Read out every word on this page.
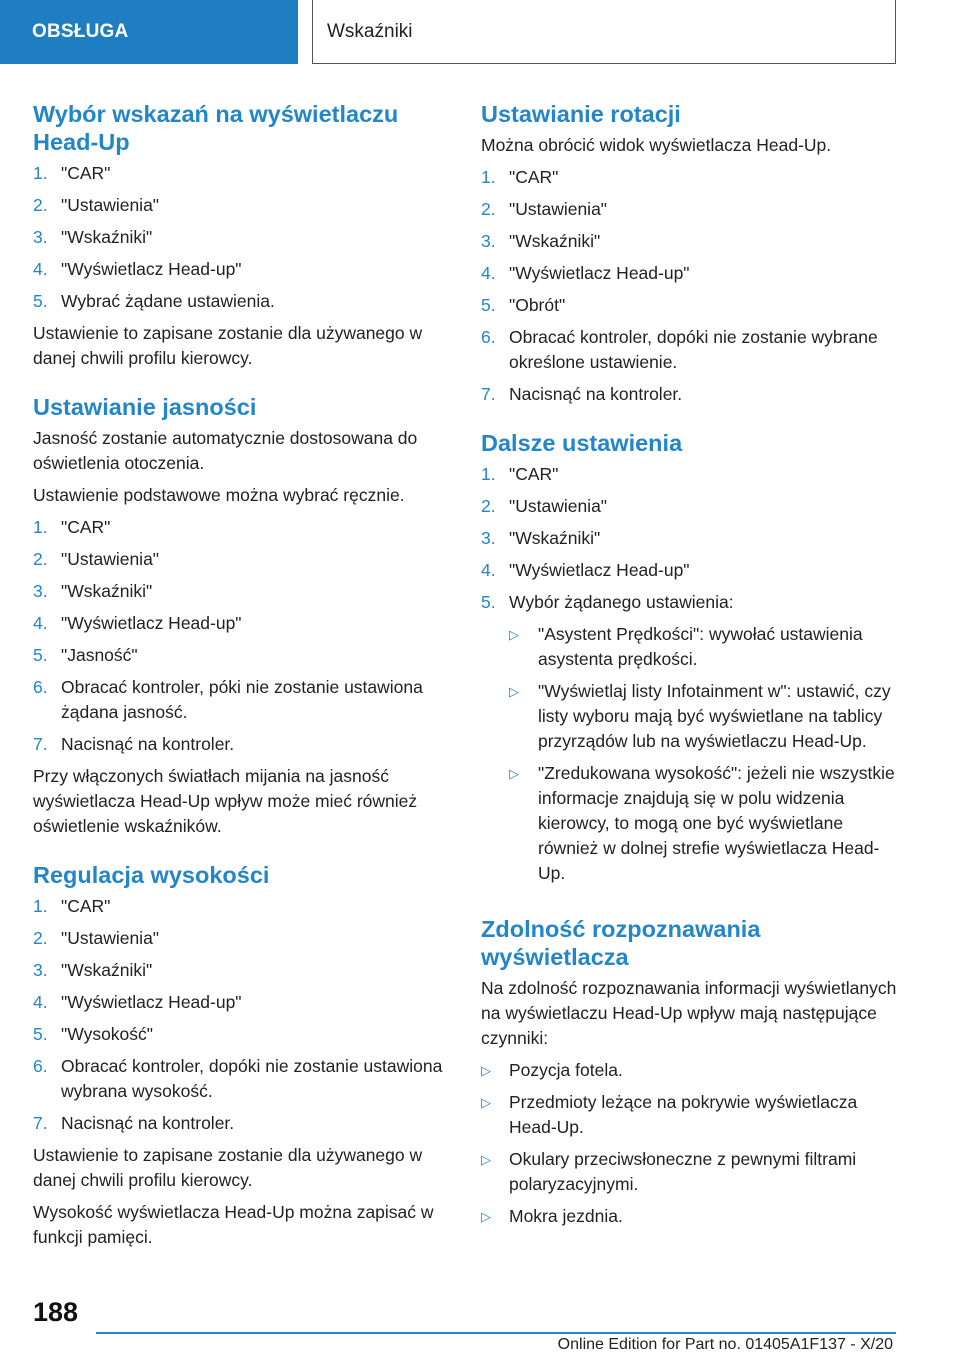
OBSŁUGA	Wskaźniki
Wybór wskazań na wyświetlaczu Head-Up
1. "CAR"
2. "Ustawienia"
3. "Wskaźniki"
4. "Wyświetlacz Head-up"
5. Wybrać żądane ustawienia.

Ustawienie to zapisane zostanie dla używanego w danej chwili profilu kierowcy.

Ustawianie jasności

Jasność zostanie automatycznie dostosowana do oświetlenia otoczenia.

Ustawienie podstawowe można wybrać ręcznie.

1. "CAR"
2. "Ustawienia"
3. "Wskaźniki"
4. "Wyświetlacz Head-up"
5. "Jasność"
6. Obracać kontroler, póki nie zostanie ustawiona żądana jasność.
7. Nacisnąć na kontroler.

Przy włączonych światłach mijania na jasność wyświetlacza Head-Up wpływ może mieć również oświetlenie wskaźników.

Regulacja wysokości
1. "CAR"
2. "Ustawienia"
3. "Wskaźniki"
4. "Wyświetlacz Head-up"
5. "Wysokość"
6. Obracać kontroler, dopóki nie zostanie ustawiona wybrana wysokość.
7. Nacisnąć na kontroler.

Ustawienie to zapisane zostanie dla używanego w danej chwili profilu kierowcy.

Wysokość wyświetlacza Head-Up można zapisać w funkcji pamięci.

Ustawianie rotacji

Można obrócić widok wyświetlacza Head-Up.

1. "CAR"
2. "Ustawienia"
3. "Wskaźniki"
4. "Wyświetlacz Head-up"
5. "Obrót"
6. Obracać kontroler, dopóki nie zostanie wybrane określone ustawienie.
7. Nacisnąć na kontroler.
Dalsze ustawienia
1. "CAR"
2. "Ustawienia"
3. "Wskaźniki"
4. "Wyświetlacz Head-up"
5. Wybór żądanego ustawienia:
▷	"Asystent Prędkości": wywołać ustawienia asystenta prędkości.
▷	"Wyświetlaj listy Infotainment w": ustawić, czy listy wyboru mają być wyświetlane na tablicy przyrządów lub na wyświetlaczu Head-Up.
▷	"Zredukowana wysokość": jeżeli nie wszystkie informacje znajdują się w polu widzenia kierowcy, to mogą one być wyświetlane również w dolnej strefie wyświetlacza Head-Up.
Zdolność rozpoznawania wyświetlacza

Na zdolność rozpoznawania informacji wyświetlanych na wyświetlaczu Head-Up wpływ mają następujące czynniki:

▷	Pozycja fotela.
▷	Przedmioty leżące na pokrywie wyświetlacza Head-Up.
▷	Okulary przeciwsłoneczne z pewnymi filtrami polaryzacyjnymi.
▷	Mokra jezdnia.
188
Online Edition for Part no. 01405A1F137 - X/20
